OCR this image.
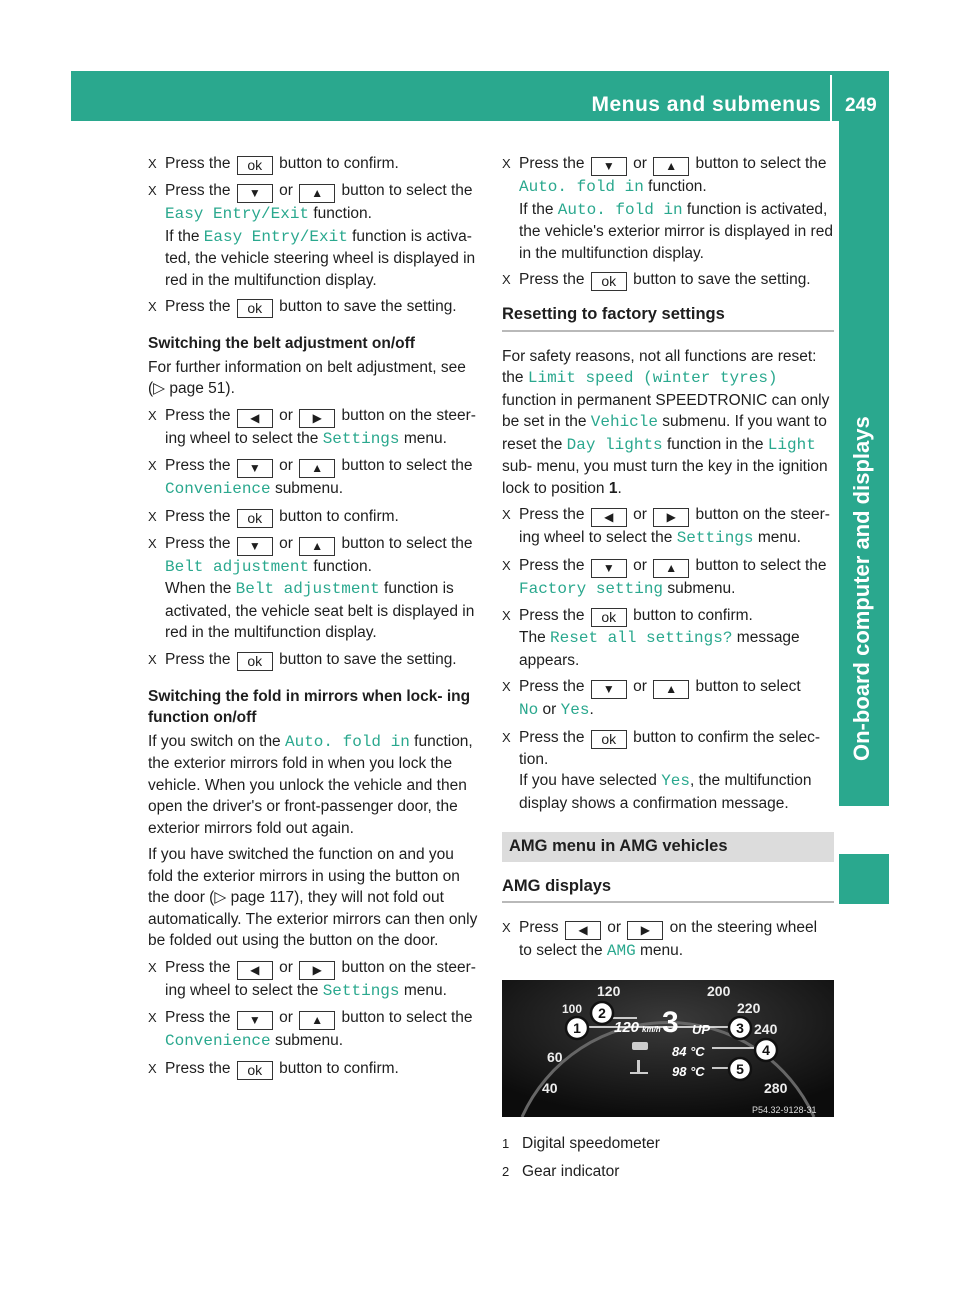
Menus and submenus 249
On-board computer and displays
X Press the ok button to confirm.
X Press the ▼ or ▲ button to select the Easy Entry/Exit function.
If the Easy Entry/Exit function is activa- ted, the vehicle steering wheel is displayed in red in the multifunction display.
X Press the ok button to save the setting.
Switching the belt adjustment on/off
For further information on belt adjustment, see (▷ page 51).
X Press the ◀ or ▶ button on the steer- ing wheel to select the Settings menu.
X Press the ▼ or ▲ button to select the Convenience submenu.
X Press the ok button to confirm.
X Press the ▼ or ▲ button to select the Belt adjustment function.
When the Belt adjustment function is activated, the vehicle seat belt is displayed in red in the multifunction display.
X Press the ok button to save the setting.
Switching the fold in mirrors when lock- ing function on/off
If you switch on the Auto. fold in function, the exterior mirrors fold in when you lock the vehicle. When you unlock the vehicle and then open the driver's or front-passenger door, the exterior mirrors fold out again.
If you have switched the function on and you fold the exterior mirrors in using the button on the door (▷ page 117), they will not fold out automatically. The exterior mirrors can then only be folded out using the button on the door.
X Press the ◀ or ▶ button on the steer- ing wheel to select the Settings menu.
X Press the ▼ or ▲ button to select the Convenience submenu.
X Press the ok button to confirm.
X Press the ▼ or ▲ button to select the Auto. fold in function.
If the Auto. fold in function is activated, the vehicle's exterior mirror is displayed in red in the multifunction display.
X Press the ok button to save the setting.
Resetting to factory settings
For safety reasons, not all functions are reset: the Limit speed (winter tyres) function in permanent SPEEDTRONIC can only be set in the Vehicle submenu. If you want to reset the Day lights function in the Light sub- menu, you must turn the key in the ignition lock to position 1.
X Press the ◀ or ▶ button on the steer- ing wheel to select the Settings menu.
X Press the ▼ or ▲ button to select the Factory setting submenu.
X Press the ok button to confirm.
The Reset all settings? message appears.
X Press the ▼ or ▲ button to select
No or Yes.
X Press the ok button to confirm the selec- tion.
If you have selected Yes, the multifunction display shows a confirmation message.
AMG menu in AMG vehicles
AMG displays
X Press ◀ or ▶ on the steering wheel to select the AMG menu.
120	200
220
100
240
60
40	280
120 km/h 3 UP
84 °C
98 °C
1
2
3
4
5
P54.32-9128-31
1 Digital speedometer
2 Gear indicator
